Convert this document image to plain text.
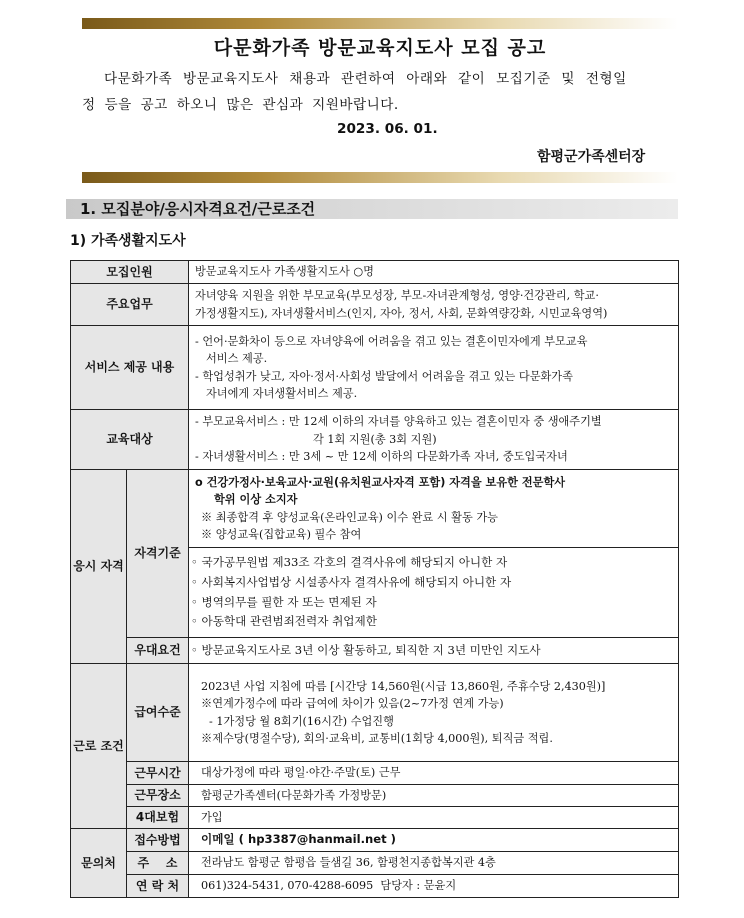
다문화가족 방문교육지도사 모집 공고
다문화가족 방문교육지도사 채용과 관련하여 아래와 같이 모집기준 및 전형일
정 등을 공고 하오니 많은 관심과 지원바랍니다.
2023. 06. 01.
함평군가족센터장
1. 모집분야/응시자격요건/근로조건
1) 가족생활지도사
모집인원		방문교육지도사 가족생활지도사 ○명
주요업무		자녀양육 지원을 위한 부모교육(부모성장, 부모-자녀관계형성, 영양·건강관리, 학교·
가정생활지도), 자녀생활서비스(인지, 자아, 정서, 사회, 문화역량강화, 시민교육영역)

서비스 제공 내용		- 언어·문화차이 등으로 자녀양육에 어려움을 겪고 있는 결혼이민자에게 부모교육
서비스 제공.
- 학업성취가 낮고, 자아·정서·사회성 발달에서 어려움을 겪고 있는 다문화가족
자녀에게 자녀생활서비스 제공.

교육대상		- 부모교육서비스 : 만 12세 이하의 자녀를 양육하고 있는 결혼이민자 중 생애주기별
각 1회 지원(총 3회 지원)
- 자녀생활서비스 : 만 3세 ~ 만 12세 이하의 다문화가족 자녀, 중도입국자녀

응시 자격	자격기준	o 건강가정사·보육교사·교원(유치원교사자격 포함) 자격을 보유한 전문학사
학위 이상 소지자
※ 최종합격 후 양성교육(온라인교육) 이수 완료 시 활동 가능
※ 양성교육(집합교육) 필수 참여

		◦ 국가공무원법 제33조 각호의 결격사유에 해당되지 아니한 자
◦ 사회복지사업법상 시설종사자 결격사유에 해당되지 아니한 자
◦ 병역의무를 필한 자 또는 면제된 자
◦ 아동학대 관련범죄전력자 취업제한

	우대요건	◦ 방문교육지도사로 3년 이상 활동하고, 퇴직한 지 3년 미만인 지도사
근로 조건	급여수준	2023년 사업 지침에 따름 [시간당 14,560원(시급 13,860원, 주휴수당 2,430원)]
※연계가정수에 따라 급여에 차이가 있음(2~7가정 연계 가능)
- 1가정당 월 8회기(16시간) 수업진행
※제수당(명절수당), 회의·교육비, 교통비(1회당 4,000원), 퇴직금 적립.

	근무시간	대상가정에 따라 평일·야간·주말(토) 근무
	근무장소	함평군가족센터(다문화가족 가정방문)
	4대보험	가입
문의처	접수방법	이메일 ( hp3387@hanmail.net )
	주    소	전라남도 함평군 함평읍 들샘길 36, 함평천지종합복지관 4층
	연 락 처	061)324-5431, 070-4288-6095  담당자 : 문윤지
